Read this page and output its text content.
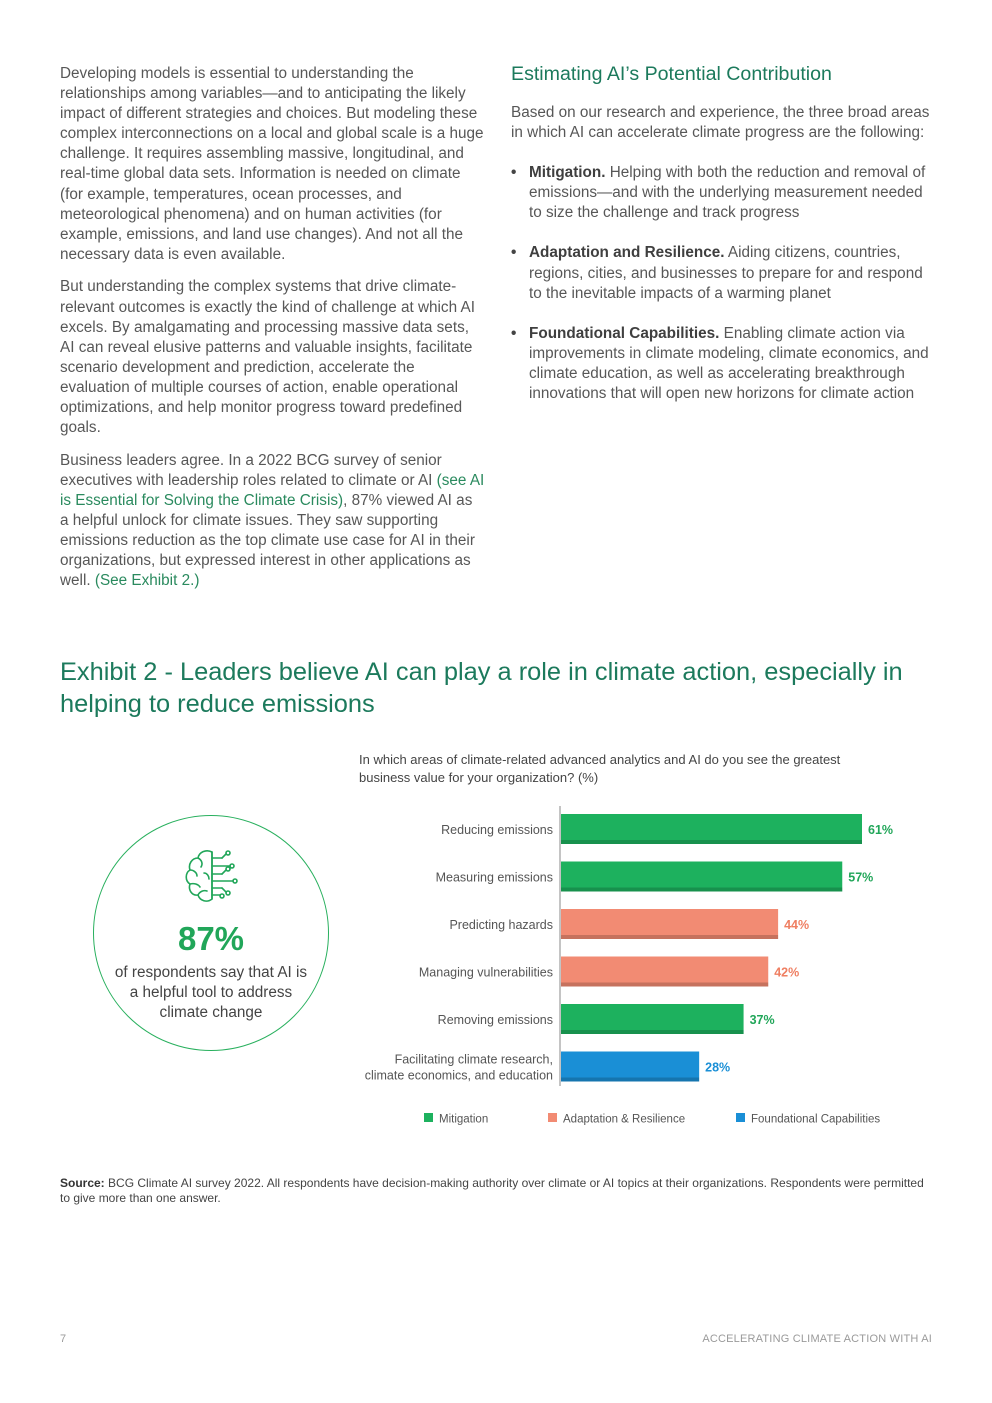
Developing models is essential to understanding the relationships among variables—and to anticipating the likely impact of different strategies and choices. But modeling these complex interconnections on a local and global scale is a huge challenge. It requires assembling massive, longitudinal, and real-time global data sets. Information is needed on climate (for example, temperatures, ocean processes, and meteorological phenomena) and on human activities (for example, emissions, and land use changes). And not all the necessary data is even available.

But understanding the complex systems that drive climate-relevant outcomes is exactly the kind of challenge at which AI excels. By amalgamating and processing massive data sets, AI can reveal elusive patterns and valuable insights, facilitate scenario development and prediction, accelerate the evaluation of multiple courses of action, enable operational optimizations, and help monitor progress toward predefined goals.

Business leaders agree. In a 2022 BCG survey of senior executives with leadership roles related to climate or AI (see AI is Essential for Solving the Climate Crisis), 87% viewed AI as a helpful unlock for climate issues. They saw supporting emissions reduction as the top climate use case for AI in their organizations, but expressed interest in other applications as well. (See Exhibit 2.)

Estimating AI’s Potential Contribution

Based on our research and experience, the three broad areas in which AI can accelerate climate progress are the following:

• Mitigation. Helping with both the reduction and removal of emissions—and with the underlying measurement needed to size the challenge and track progress
• Adaptation and Resilience. Aiding citizens, countries, regions, cities, and businesses to prepare for and respond to the inevitable impacts of a warming planet
• Foundational Capabilities. Enabling climate action via improvements in climate modeling, climate economics, and climate education, as well as accelerating breakthrough innovations that will open new horizons for climate action
Exhibit 2 - Leaders believe AI can play a role in climate action, especially in helping to reduce emissions
87%
of respondents say that AI is a helpful tool to address climate change
In which areas of climate-related advanced analytics and AI do you see the greatest business value for your organization? (%)
61%
Reducing emissions
57%
Measuring emissions
44%
Predicting hazards
42%
Managing vulnerabilities
37%
Removing emissions
28%
Facilitating climate research,
climate economics, and education
Mitigation	Adaptation & Resilience	Foundational Capabilities
Source: BCG Climate AI survey 2022. All respondents have decision-making authority over climate or AI topics at their organizations. Respondents were permitted to give more than one answer.
7	ACCELERATING CLIMATE ACTION WITH AI
